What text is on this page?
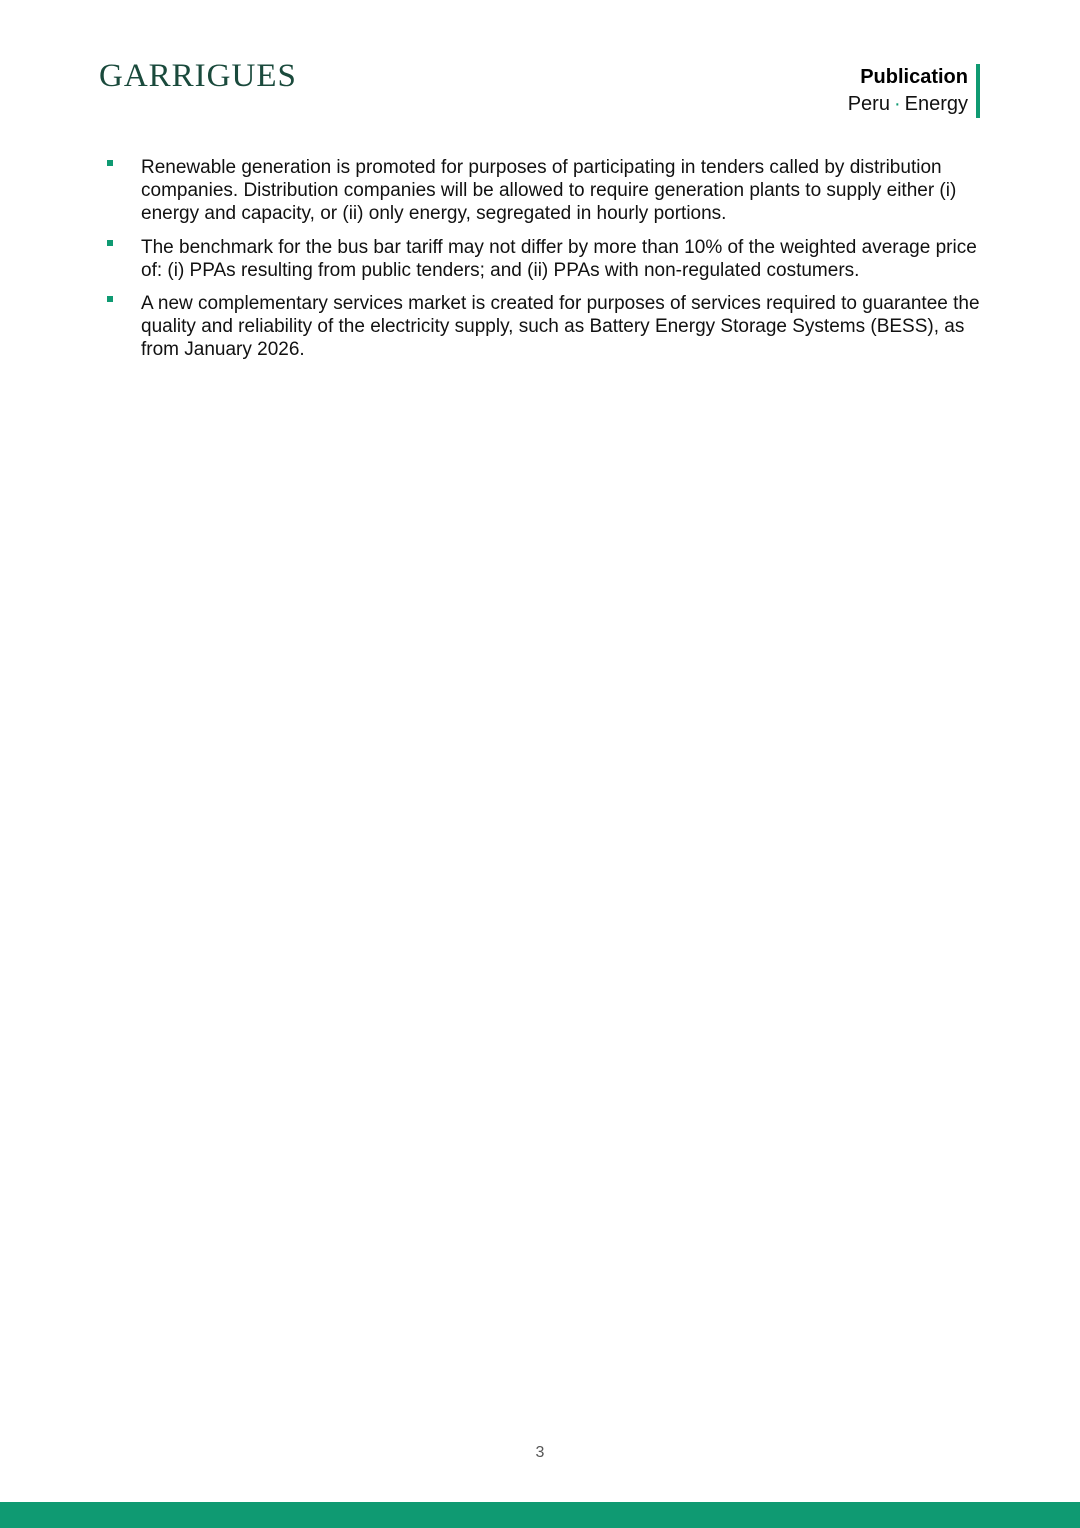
GARRIGUES	Publication
Peru · Energy
Renewable generation is promoted for purposes of participating in tenders called by distribution companies. Distribution companies will be allowed to require generation plants to supply either (i) energy and capacity, or (ii) only energy, segregated in hourly portions.
The benchmark for the bus bar tariff may not differ by more than 10% of the weighted average price of: (i) PPAs resulting from public tenders; and (ii) PPAs with non-regulated costumers.
A new complementary services market is created for purposes of services required to guarantee the quality and reliability of the electricity supply, such as Battery Energy Storage Systems (BESS), as from January 2026.
3
